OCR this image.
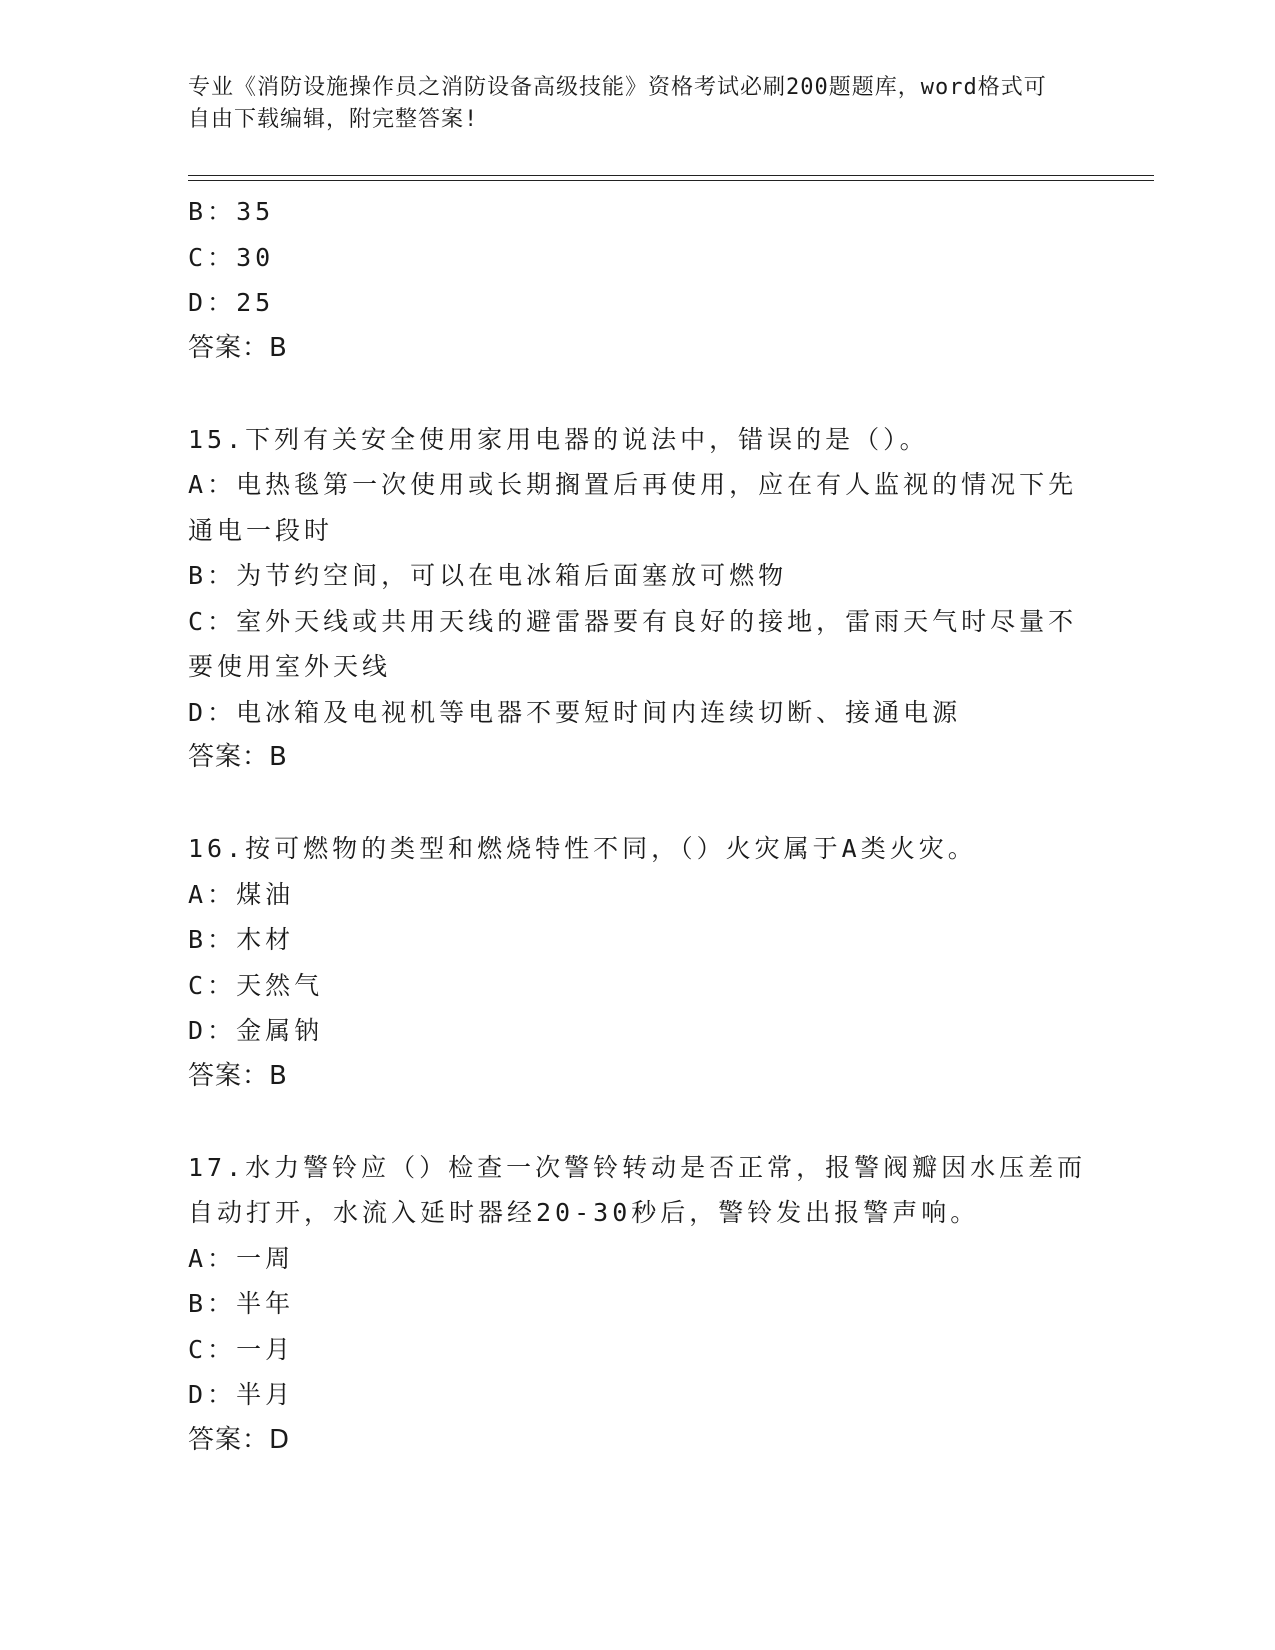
专业《消防设施操作员之消防设备高级技能》资格考试必刷200题题库，word格式可自由下载编辑，附完整答案!

B：35

C：30

D：25

答案：B

15.下列有关安全使用家用电器的说法中，错误的是（）。

A：电热毯第一次使用或长期搁置后再使用，应在有人监视的情况下先通电一段时

B：为节约空间，可以在电冰箱后面塞放可燃物

C：室外天线或共用天线的避雷器要有良好的接地，雷雨天气时尽量不要使用室外天线

D：电冰箱及电视机等电器不要短时间内连续切断、接通电源

答案：B

16.按可燃物的类型和燃烧特性不同，（）火灾属于A类火灾。

A：煤油

B：木材

C：天然气

D：金属钠

答案：B

17.水力警铃应（）检查一次警铃转动是否正常，报警阀瓣因水压差而自动打开，水流入延时器经20-30秒后，警铃发出报警声响。

A：一周

B：半年

C：一月

D：半月

答案：D
